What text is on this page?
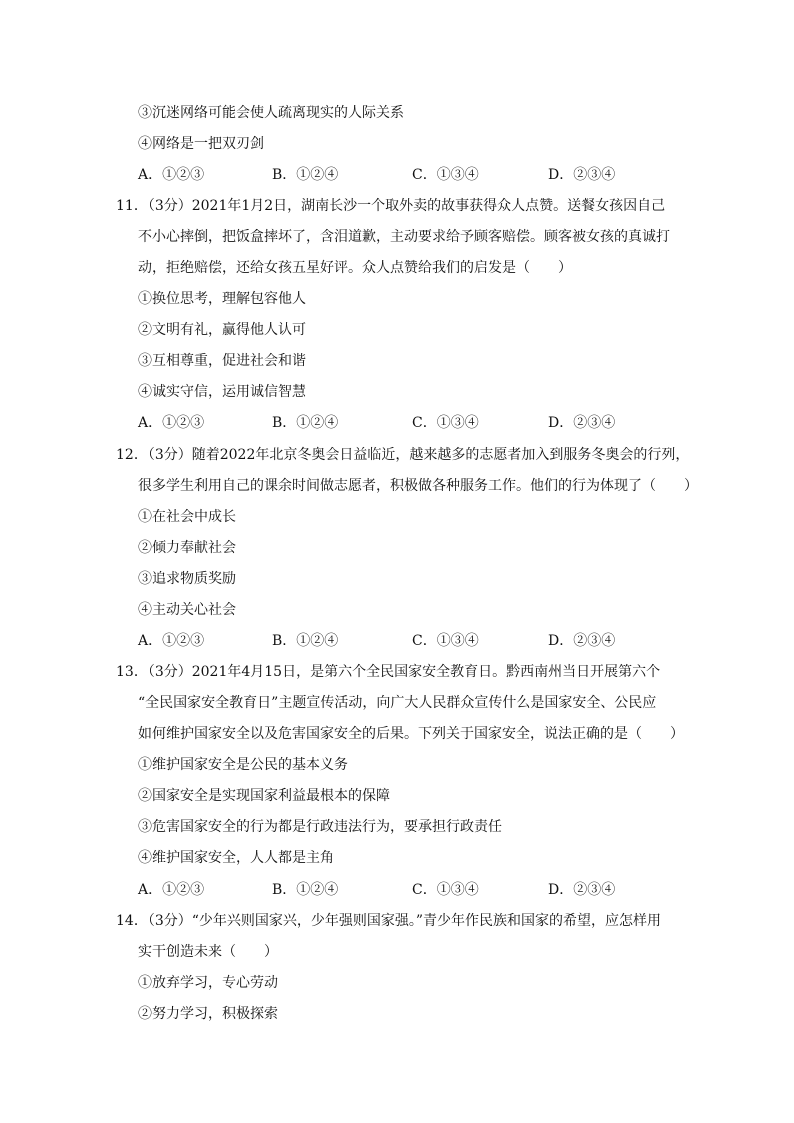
③沉迷网络可能会使人疏离现实的人际关系
④网络是一把双刃剑
A．①②③	B．①②④	C．①③④	D．②③④
11．（3分）2021年1月2日，湖南长沙一个取外卖的故事获得众人点赞。送餐女孩因自己
不小心摔倒，把饭盒摔坏了，含泪道歉，主动要求给予顾客赔偿。顾客被女孩的真诚打
动，拒绝赔偿，还给女孩五星好评。众人点赞给我们的启发是（　　）
①换位思考，理解包容他人
②文明有礼，赢得他人认可
③互相尊重，促进社会和谐
④诚实守信，运用诚信智慧
A．①②③	B．①②④	C．①③④	D．②③④
12．（3分）随着2022年北京冬奥会日益临近，越来越多的志愿者加入到服务冬奥会的行列，
很多学生利用自己的课余时间做志愿者，积极做各种服务工作。他们的行为体现了（　　）
①在社会中成长
②倾力奉献社会
③追求物质奖励
④主动关心社会
A．①②③	B．①②④	C．①③④	D．②③④
13．（3分）2021年4月15日，是第六个全民国家安全教育日。黔西南州当日开展第六个
“全民国家安全教育日”主题宣传活动，向广大人民群众宣传什么是国家安全、公民应
如何维护国家安全以及危害国家安全的后果。下列关于国家安全，说法正确的是（　　）
①维护国家安全是公民的基本义务
②国家安全是实现国家利益最根本的保障
③危害国家安全的行为都是行政违法行为，要承担行政责任
④维护国家安全，人人都是主角
A．①②③	B．①②④	C．①③④	D．②③④
14．（3分）“少年兴则国家兴，少年强则国家强。”青少年作民族和国家的希望，应怎样用
实干创造未来（　　）
①放弃学习，专心劳动
②努力学习，积极探索
